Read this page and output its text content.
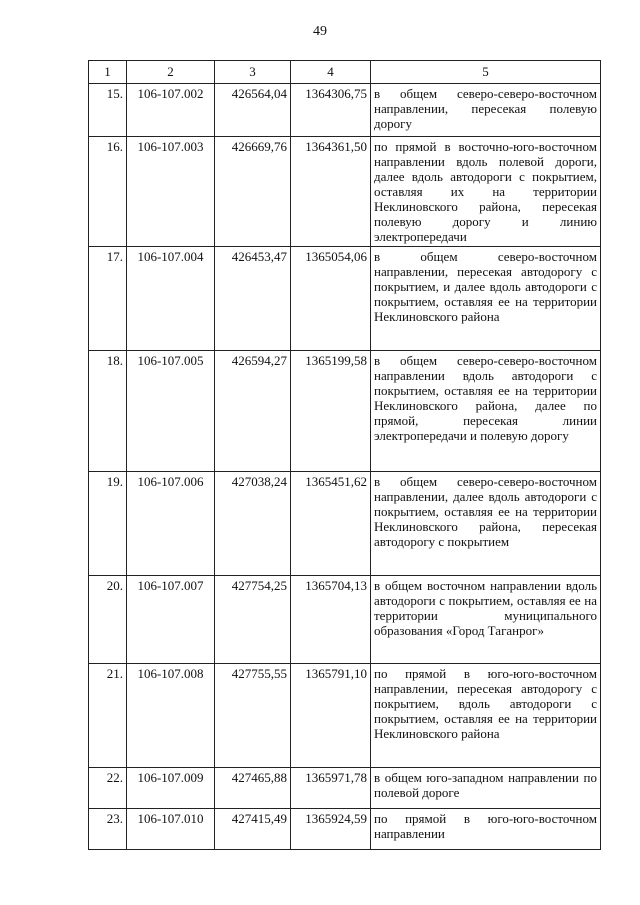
49
1	2	3	4	5
15.	106-107.002	426564,04	1364306,75	в общем северо-северо-восточном направлении, пересекая полевую дорогу
16.	106-107.003	426669,76	1364361,50	по прямой в восточно-юго-восточном направлении вдоль полевой дороги, далее вдоль автодороги с покрытием, оставляя их на территории Неклиновского района, пересекая полевую дорогу и линию электропередачи
17.	106-107.004	426453,47	1365054,06	в общем северо-восточном направлении, пересекая автодорогу с покрытием, и далее вдоль автодороги с покрытием, оставляя ее на территории Неклиновского района
18.	106-107.005	426594,27	1365199,58	в общем северо-северо-восточном направлении вдоль автодороги с покрытием, оставляя ее на территории Неклиновского района, далее по прямой, пересекая линии электропередачи и полевую дорогу
19.	106-107.006	427038,24	1365451,62	в общем северо-северо-восточном направлении, далее вдоль автодороги с покрытием, оставляя ее на территории Неклиновского района, пересекая автодорогу с покрытием
20.	106-107.007	427754,25	1365704,13	в общем восточном направлении вдоль автодороги с покрытием, оставляя ее на территории муниципального образования «Город Таганрог»
21.	106-107.008	427755,55	1365791,10	по прямой в юго-юго-восточном направлении, пересекая автодорогу с покрытием, вдоль автодороги с покрытием, оставляя ее на территории Неклиновского района
22.	106-107.009	427465,88	1365971,78	в общем юго-западном направлении по полевой дороге
23.	106-107.010	427415,49	1365924,59	по прямой в юго-юго-восточном направлении
